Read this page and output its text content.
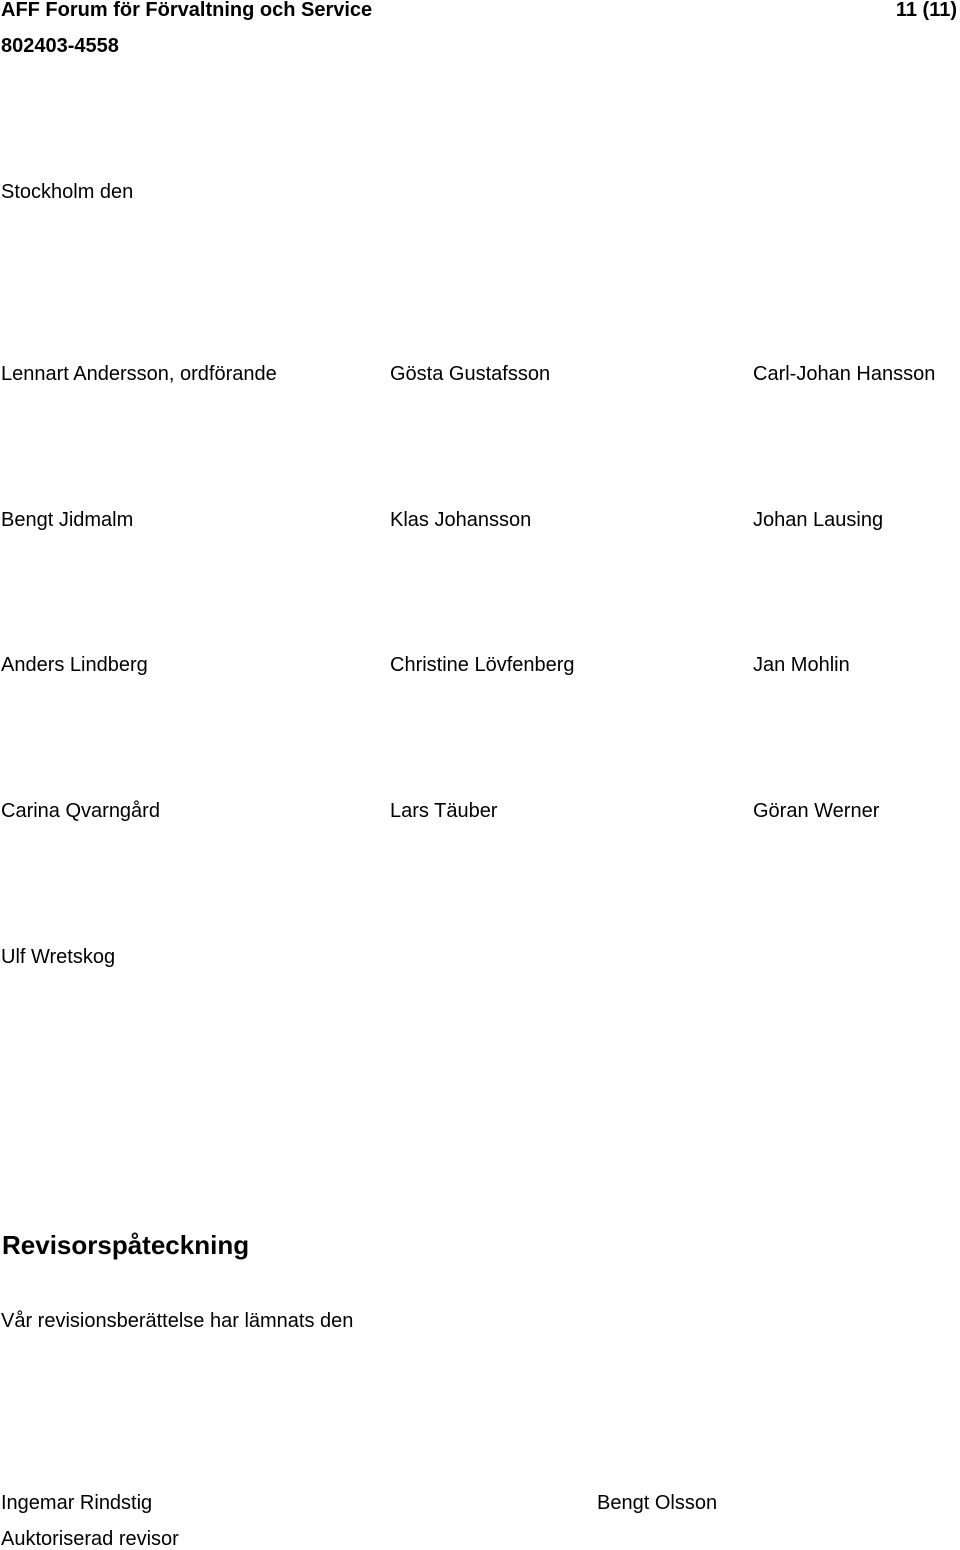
AFF Forum för Förvaltning och Service	11 (11)
802403-4558
Stockholm den
Lennart Andersson, ordförande	Gösta Gustafsson	Carl-Johan Hansson
Bengt Jidmalm	Klas Johansson	Johan Lausing
Anders Lindberg	Christine Lövfenberg	Jan Mohlin
Carina Qvarngård	Lars Täuber	Göran Werner
Ulf Wretskog
Revisorspåteckning
Vår revisionsberättelse har lämnats den
Ingemar Rindstig
Auktoriserad revisor
Bengt Olsson
